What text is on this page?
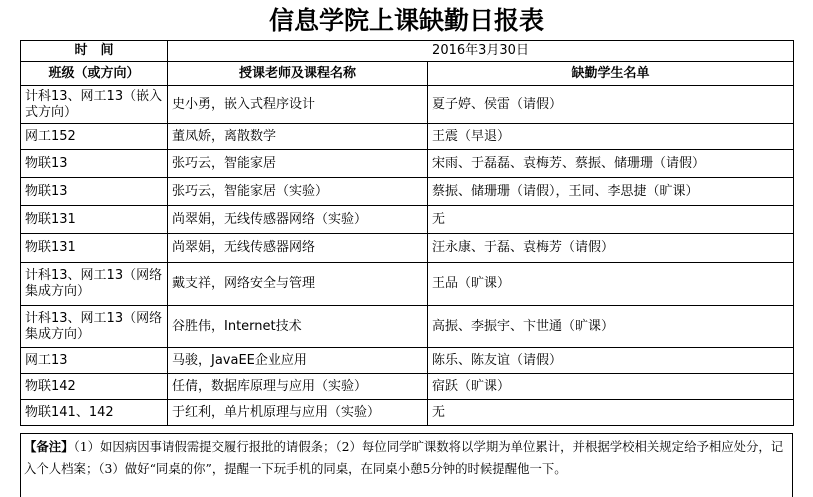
信息学院上课缺勤日报表
时　间	2016年3月30日	
班级（或方向）	授课老师及课程名称	缺勤学生名单
计科13、网工13（嵌入式方向）	史小勇，嵌入式程序设计	夏子婷、侯雷（请假）
网工152	董凤娇，离散数学	王震（早退）
物联13	张巧云，智能家居	宋雨、于磊磊、袁梅芳、蔡振、储珊珊（请假）
物联13	张巧云，智能家居（实验）	蔡振、储珊珊（请假），王同、李思捷（旷课）
物联131	尚翠娟，无线传感器网络（实验）	无
物联131	尚翠娟，无线传感器网络	汪永康、于磊、袁梅芳（请假）
计科13、网工13（网络集成方向）	戴支祥，网络安全与管理	王品（旷课）
计科13、网工13（网络集成方向）	谷胜伟，Internet技术	高振、李振宇、卞世通（旷课）
网工13	马骏，JavaEE企业应用	陈乐、陈友谊（请假）
物联142	任倩，数据库原理与应用（实验）	宿跃（旷课）
物联141、142	于红利，单片机原理与应用（实验）	无
【备注】（1）如因病因事请假需提交履行报批的请假条；（2）每位同学旷课数将以学期为单位累计，并根据学校相关规定给予相应处分，记入个人档案；（3）做好“同桌的你”，提醒一下玩手机的同桌，在同桌小憩5分钟的时候提醒他一下。
